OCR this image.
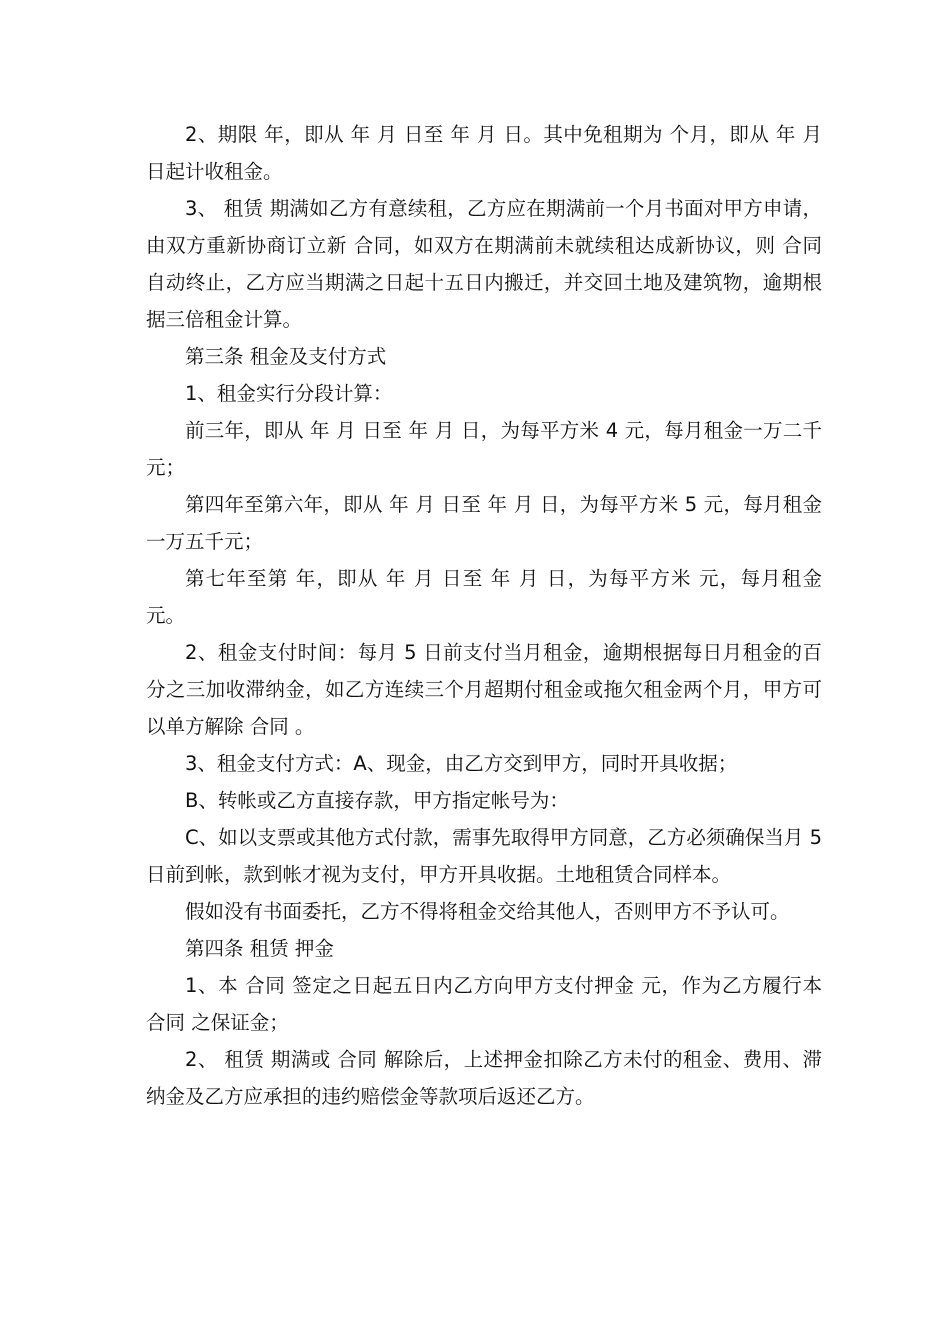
2、期限 年，即从 年 月 日至 年 月 日。其中免租期为 个月，即从 年 月 日起计收租金。

3、 租赁 期满如乙方有意续租，乙方应在期满前一个月书面对甲方申请，由双方重新协商订立新 合同，如双方在期满前未就续租达成新协议，则 合同 自动终止，乙方应当期满之日起十五日内搬迁，并交回土地及建筑物，逾期根据三倍租金计算。

第三条 租金及支付方式

1、租金实行分段计算：

前三年，即从 年 月 日至 年 月 日，为每平方米 4 元，每月租金一万二千元；

第四年至第六年，即从 年 月 日至 年 月 日，为每平方米 5 元，每月租金一万五千元；

第七年至第 年，即从 年 月 日至 年 月 日，为每平方米 元，每月租金 元。

2、租金支付时间：每月 5 日前支付当月租金，逾期根据每日月租金的百分之三加收滞纳金，如乙方连续三个月超期付租金或拖欠租金两个月，甲方可以单方解除 合同 。

3、租金支付方式：A、现金，由乙方交到甲方，同时开具收据；

B、转帐或乙方直接存款，甲方指定帐号为：

C、如以支票或其他方式付款，需事先取得甲方同意，乙方必须确保当月 5 日前到帐，款到帐才视为支付，甲方开具收据。土地租赁合同样本。

假如没有书面委托，乙方不得将租金交给其他人，否则甲方不予认可。

第四条 租赁 押金

1、本 合同 签定之日起五日内乙方向甲方支付押金 元，作为乙方履行本 合同 之保证金；

2、 租赁 期满或 合同 解除后，上述押金扣除乙方未付的租金、费用、滞纳金及乙方应承担的违约赔偿金等款项后返还乙方。
